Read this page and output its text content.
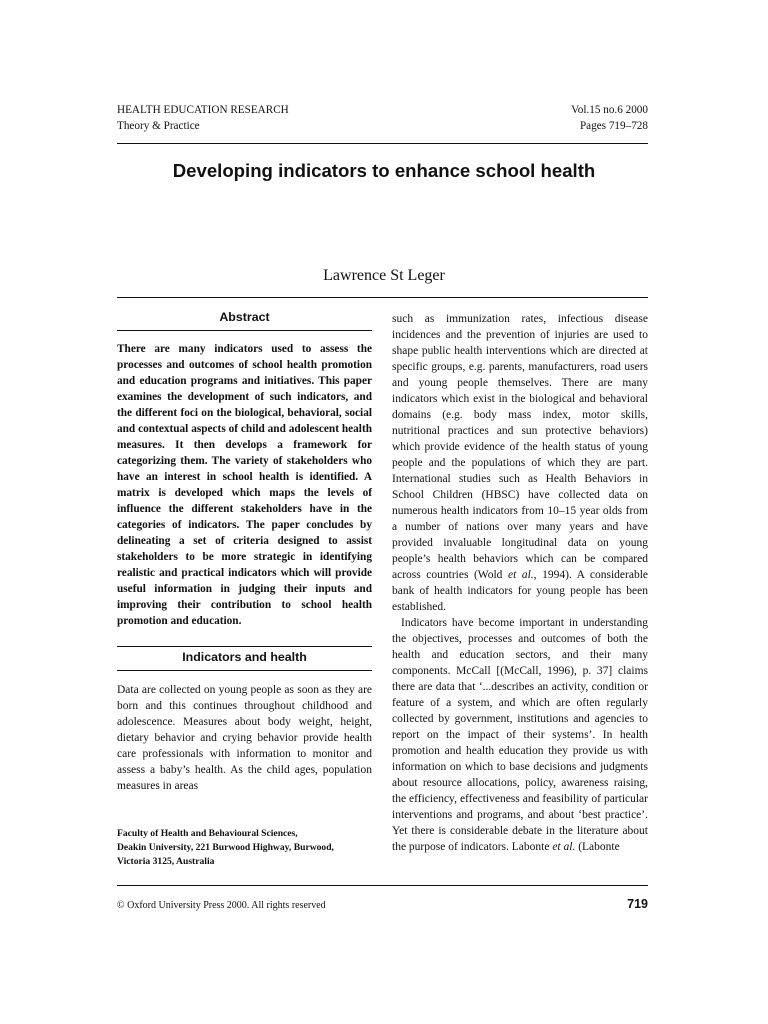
HEALTH EDUCATION RESEARCH
Theory & Practice
Vol.15 no.6 2000
Pages 719–728
Developing indicators to enhance school health
Lawrence St Leger
Abstract
There are many indicators used to assess the processes and outcomes of school health promotion and education programs and initiatives. This paper examines the development of such indicators, and the different foci on the biological, behavioral, social and contextual aspects of child and adolescent health measures. It then develops a framework for categorizing them. The variety of stakeholders who have an interest in school health is identified. A matrix is developed which maps the levels of influence the different stakeholders have in the categories of indicators. The paper concludes by delineating a set of criteria designed to assist stakeholders to be more strategic in identifying realistic and practical indicators which will provide useful information in judging their inputs and improving their contribution to school health promotion and education.
Indicators and health
Data are collected on young people as soon as they are born and this continues throughout childhood and adolescence. Measures about body weight, height, dietary behavior and crying behavior provide health care professionals with information to monitor and assess a baby’s health. As the child ages, population measures in areas
Faculty of Health and Behavioural Sciences,
Deakin University, 221 Burwood Highway, Burwood,
Victoria 3125, Australia

such as immunization rates, infectious disease incidences and the prevention of injuries are used to shape public health interventions which are directed at specific groups, e.g. parents, manufacturers, road users and young people themselves. There are many indicators which exist in the biological and behavioral domains (e.g. body mass index, motor skills, nutritional practices and sun protective behaviors) which provide evidence of the health status of young people and the populations of which they are part. International studies such as Health Behaviors in School Children (HBSC) have collected data on numerous health indicators from 10–15 year olds from a number of nations over many years and have provided invaluable longitudinal data on young people’s health behaviors which can be compared across countries (Wold et al., 1994). A considerable bank of health indicators for young people has been established.

Indicators have become important in understanding the objectives, processes and outcomes of both the health and education sectors, and their many components. McCall [(McCall, 1996), p. 37] claims there are data that ‘...describes an activity, condition or feature of a system, and which are often regularly collected by government, institutions and agencies to report on the impact of their systems’. In health promotion and health education they provide us with information on which to base decisions and judgments about resource allocations, policy, awareness raising, the efficiency, effectiveness and feasibility of particular interventions and programs, and about ‘best practice’. Yet there is considerable debate in the literature about the purpose of indicators. Labonte et al. (Labonte

© Oxford University Press 2000. All rights reserved	719
